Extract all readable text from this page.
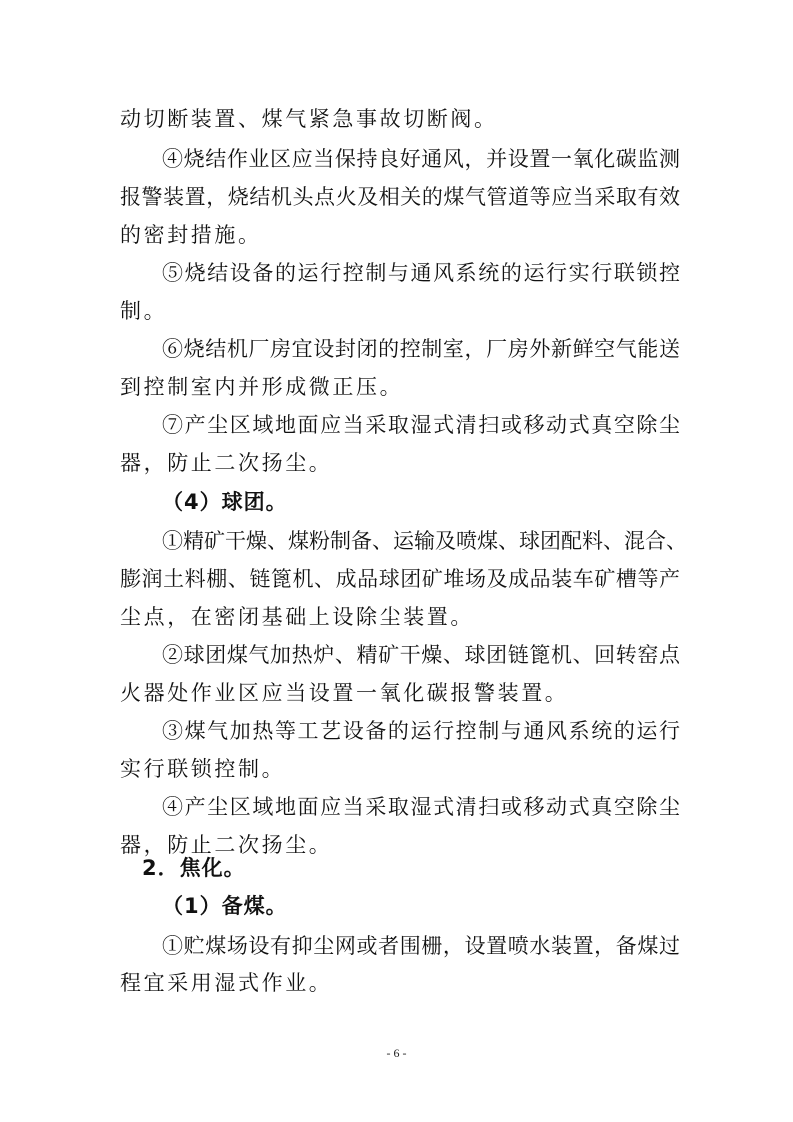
动切断装置、煤气紧急事故切断阀。
④烧结作业区应当保持良好通风，并设置一氧化碳监测
报警装置，烧结机头点火及相关的煤气管道等应当采取有效
的密封措施。
⑤烧结设备的运行控制与通风系统的运行实行联锁控
制。
⑥烧结机厂房宜设封闭的控制室，厂房外新鲜空气能送
到控制室内并形成微正压。
⑦产尘区域地面应当采取湿式清扫或移动式真空除尘
器，防止二次扬尘。
（4）球团。
①精矿干燥、煤粉制备、运输及喷煤、球团配料、混合、
膨润土料棚、链篦机、成品球团矿堆场及成品装车矿槽等产
尘点，在密闭基础上设除尘装置。
②球团煤气加热炉、精矿干燥、球团链篦机、回转窑点
火器处作业区应当设置一氧化碳报警装置。
③煤气加热等工艺设备的运行控制与通风系统的运行
实行联锁控制。
④产尘区域地面应当采取湿式清扫或移动式真空除尘
器，防止二次扬尘。
2．焦化。
（1）备煤。
①贮煤场设有抑尘网或者围栅，设置喷水装置，备煤过
程宜采用湿式作业。
- 6 -
